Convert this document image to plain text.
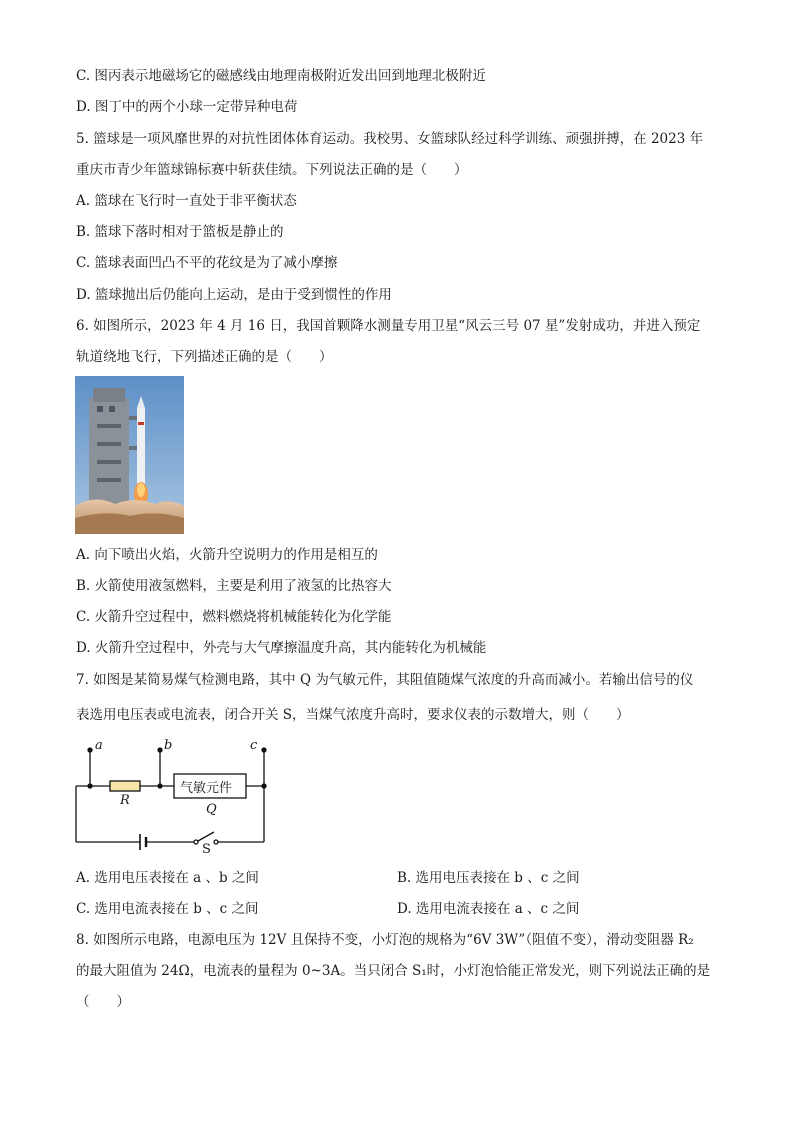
C. 图丙表示地磁场它的磁感线由地理南极附近发出回到地理北极附近
D. 图丁中的两个小球一定带异种电荷
5. 篮球是一项风靡世界的对抗性团体体育运动。我校男、女篮球队经过科学训练、顽强拼搏，在 2023 年
重庆市青少年篮球锦标赛中斩获佳绩。下列说法正确的是（　　）
A. 篮球在飞行时一直处于非平衡状态
B. 篮球下落时相对于篮板是静止的
C. 篮球表面凹凸不平的花纹是为了减小摩擦
D. 篮球抛出后仍能向上运动，是由于受到惯性的作用
6. 如图所示，2023 年 4 月 16 日，我国首颗降水测量专用卫星“风云三号 07 星”发射成功，并进入预定
轨道绕地飞行，下列描述正确的是（　　）
A. 向下喷出火焰，火箭升空说明力的作用是相互的
B. 火箭使用液氢燃料，主要是利用了液氢的比热容大
C. 火箭升空过程中，燃料燃烧将机械能转化为化学能
D. 火箭升空过程中，外壳与大气摩擦温度升高，其内能转化为机械能
7. 如图是某简易煤气检测电路，其中 Q 为气敏元件，其阻值随煤气浓度的升高而减小。若输出信号的仪
表选用电压表或电流表，闭合开关 S，当煤气浓度升高时，要求仪表的示数增大，则（　　）
a	b	c
R
气敏元件
Q
S
A. 选用电压表接在 a 、b 之间	B. 选用电压表接在 b 、c 之间
C. 选用电流表接在 b 、c 之间	D. 选用电流表接在 a 、c 之间
8. 如图所示电路，电源电压为 12V 且保持不变，小灯泡的规格为“6V 3W”（阻值不变），滑动变阻器 R₂
的最大阻值为 24Ω，电流表的量程为 0~3A。当只闭合 S₁时，小灯泡恰能正常发光，则下列说法正确的是
（　　）
